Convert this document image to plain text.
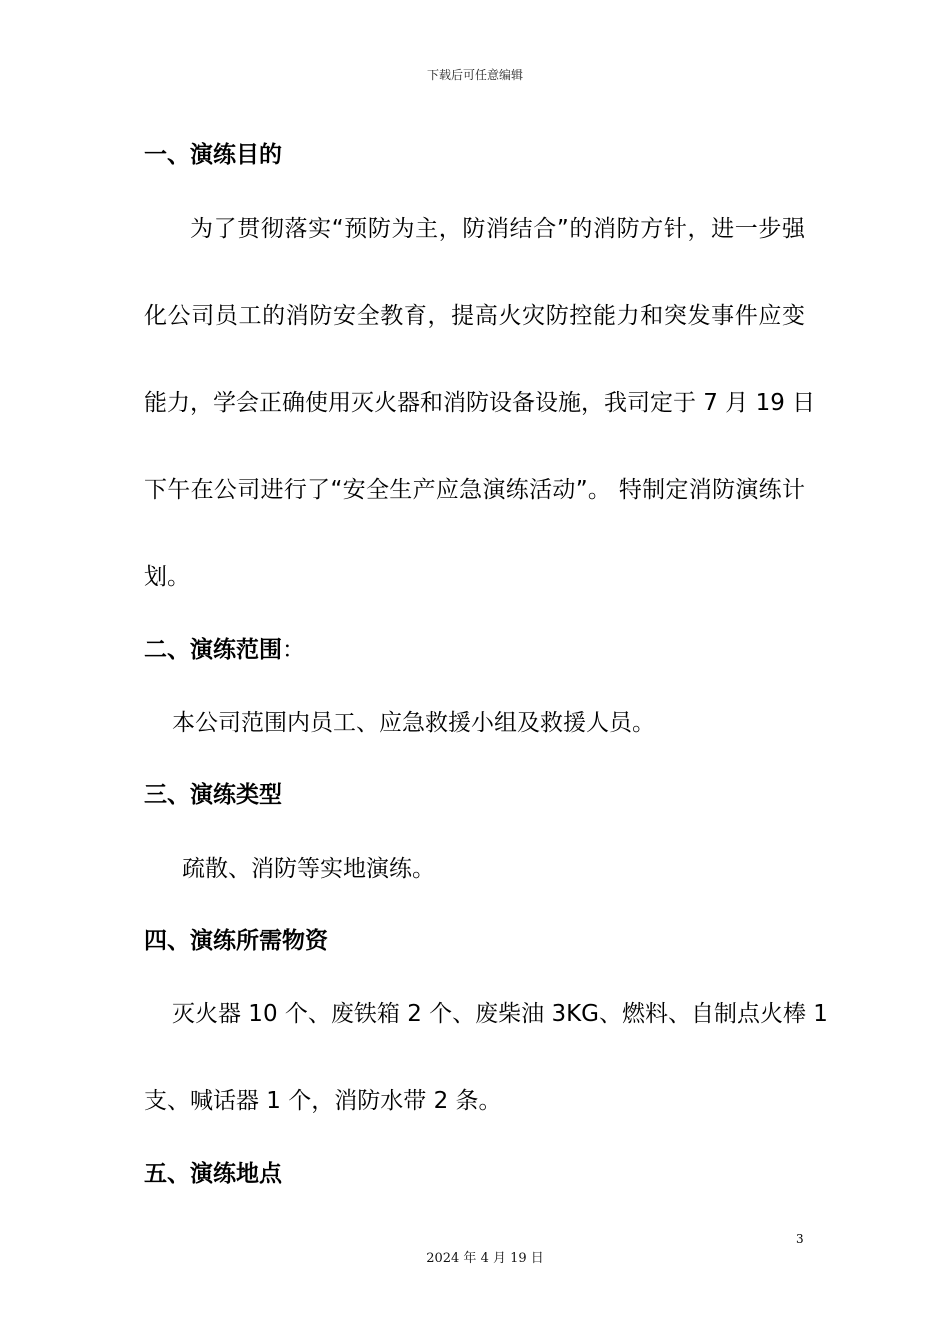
下载后可任意编辑
一、演练目的
为了贯彻落实“预防为主，防消结合”的消防方针，进一步强
化公司员工的消防安全教育，提高火灾防控能力和突发事件应变
能力，学会正确使用灭火器和消防设备设施，我司定于 7 月 19 日
下午在公司进行了“安全生产应急演练活动”。 特制定消防演练计
划。
二、演练范围：
本公司范围内员工、应急救援小组及救援人员。
三、演练类型
疏散、消防等实地演练。
四、演练所需物资
灭火器 10 个、废铁箱 2 个、废柴油 3KG、燃料、自制点火棒 1
支、喊话器 1 个，消防水带 2 条。
五、演练地点
3
2024 年 4 月 19 日
